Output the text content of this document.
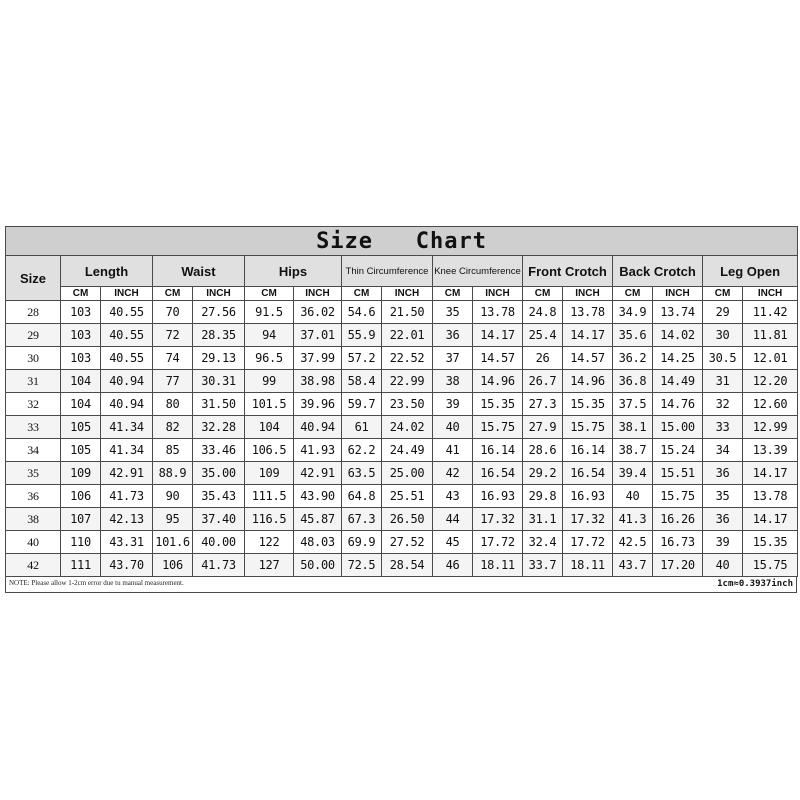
Size   Chart																
Size	Length		Waist		Hips		Thin Circumference		Knee Circumference		Front Crotch		Back Crotch		Leg Open	
	CM	INCH	CM	INCH	CM	INCH	CM	INCH	CM	INCH	CM	INCH	CM	INCH	CM	INCH
28	103	40.55	70	27.56	91.5	36.02	54.6	21.50	35	13.78	24.8	13.78	34.9	13.74	29	11.42
29	103	40.55	72	28.35	94	37.01	55.9	22.01	36	14.17	25.4	14.17	35.6	14.02	30	11.81
30	103	40.55	74	29.13	96.5	37.99	57.2	22.52	37	14.57	26	14.57	36.2	14.25	30.5	12.01
31	104	40.94	77	30.31	99	38.98	58.4	22.99	38	14.96	26.7	14.96	36.8	14.49	31	12.20
32	104	40.94	80	31.50	101.5	39.96	59.7	23.50	39	15.35	27.3	15.35	37.5	14.76	32	12.60
33	105	41.34	82	32.28	104	40.94	61	24.02	40	15.75	27.9	15.75	38.1	15.00	33	12.99
34	105	41.34	85	33.46	106.5	41.93	62.2	24.49	41	16.14	28.6	16.14	38.7	15.24	34	13.39
35	109	42.91	88.9	35.00	109	42.91	63.5	25.00	42	16.54	29.2	16.54	39.4	15.51	36	14.17
36	106	41.73	90	35.43	111.5	43.90	64.8	25.51	43	16.93	29.8	16.93	40	15.75	35	13.78
38	107	42.13	95	37.40	116.5	45.87	67.3	26.50	44	17.32	31.1	17.32	41.3	16.26	36	14.17
40	110	43.31	101.6	40.00	122	48.03	69.9	27.52	45	17.72	32.4	17.72	42.5	16.73	39	15.35
42	111	43.70	106	41.73	127	50.00	72.5	28.54	46	18.11	33.7	18.11	43.7	17.20	40	15.75
NOTE: Please allow 1-2cm error due tu manual measurement.	1cm≈0.3937inch
